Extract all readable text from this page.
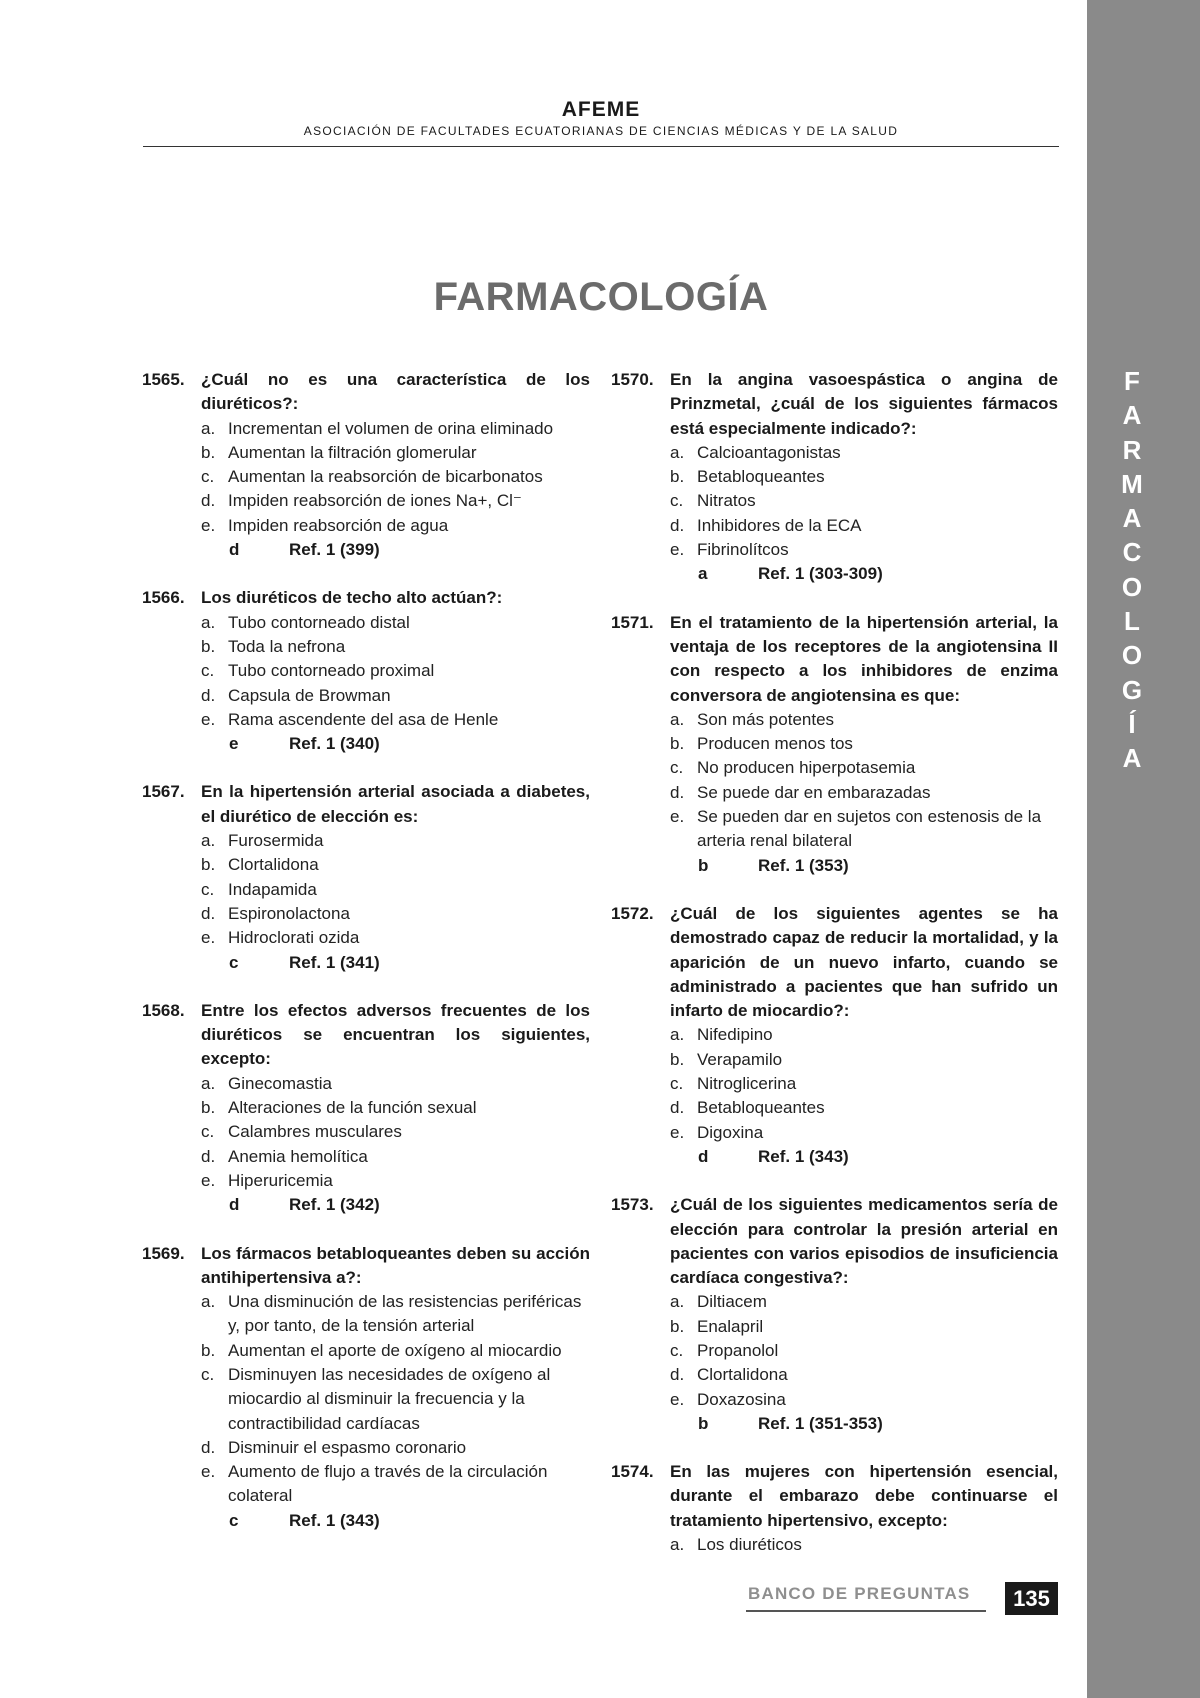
F
A
R
M
A
C
O
L
O
G
Í
A
AFEME
ASOCIACIÓN DE FACULTADES ECUATORIANAS DE CIENCIAS MÉDICAS Y DE LA SALUD
FARMACOLOGÍA
1565. ¿Cuál no es una característica de los diuréticos?:
a. Incrementan el volumen de orina eliminado
b. Aumentan la filtración glomerular
c. Aumentan la reabsorción de bicarbonatos
d. Impiden reabsorción de iones Na+, Cl⁻
e. Impiden reabsorción de agua
d	Ref. 1 (399)
1566. Los diuréticos de techo alto actúan?:
a. Tubo contorneado distal
b. Toda la nefrona
c. Tubo contorneado proximal
d. Capsula de Browman
e. Rama ascendente del asa de Henle
e	Ref. 1 (340)
1567. En la hipertensión arterial asociada a diabetes, el diurético de elección es:
a. Furosermida
b. Clortalidona
c. Indapamida
d. Espironolactona
e. Hidroclorati ozida
c	Ref. 1 (341)
1568. Entre los efectos adversos frecuentes de los diuréticos se encuentran los siguientes, excepto:
a. Ginecomastia
b. Alteraciones de la función sexual
c. Calambres musculares
d. Anemia hemolítica
e. Hiperuricemia
d	Ref. 1 (342)
1569. Los fármacos betabloqueantes deben su acción antihipertensiva a?:
a. Una disminución de las resistencias periféricas y, por tanto, de la tensión arterial
b. Aumentan el aporte de oxígeno al miocardio
c. Disminuyen las necesidades de oxígeno al miocardio al disminuir la frecuencia y la contractibilidad cardíacas
d. Disminuir el espasmo coronario
e. Aumento de flujo a través de la circulación colateral
c	Ref. 1 (343)
1570. En la angina vasoespástica o angina de Prinzmetal, ¿cuál de los siguientes fármacos está especialmente indicado?:
a. Calcioantagonistas
b. Betabloqueantes
c. Nitratos
d. Inhibidores de la ECA
e. Fibrinolítcos
a	Ref. 1 (303-309)
1571. En el tratamiento de la hipertensión arterial, la ventaja de los receptores de la angiotensina II con respecto a los inhibidores de enzima conversora de angiotensina es que:
a. Son más potentes
b. Producen menos tos
c. No producen hiperpotasemia
d. Se puede dar en embarazadas
e. Se pueden dar en sujetos con estenosis de la arteria renal bilateral
b	Ref. 1 (353)
1572. ¿Cuál de los siguientes agentes se ha demostrado capaz de reducir la mortalidad, y la aparición de un nuevo infarto, cuando se administrado a pacientes que han sufrido un infarto de miocardio?:
a. Nifedipino
b. Verapamilo
c. Nitroglicerina
d. Betabloqueantes
e. Digoxina
d	Ref. 1 (343)
1573. ¿Cuál de los siguientes medicamentos sería de elección para controlar la presión arterial en pacientes con varios episodios de insuficiencia cardíaca congestiva?:
a. Diltiacem
b. Enalapril
c. Propanolol
d. Clortalidona
e. Doxazosina
b	Ref. 1 (351-353)
1574. En las mujeres con hipertensión esencial, durante el embarazo debe continuarse el tratamiento hipertensivo, excepto:
a. Los diuréticos
BANCO DE PREGUNTAS	135
